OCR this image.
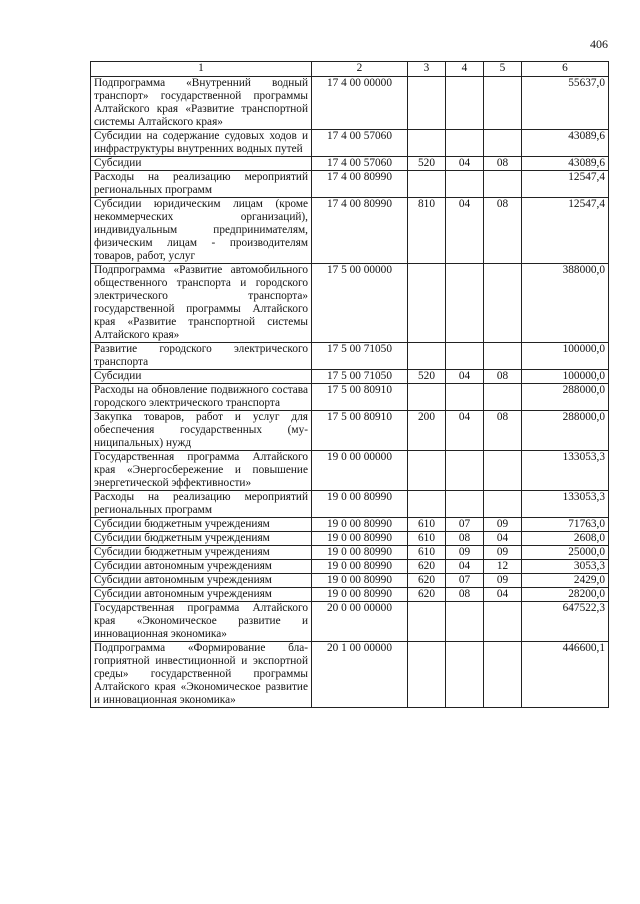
406
1	2	3	4	5	6
Подпрограмма «Внутренний водный транспорт» государственной программы Алтайского края «Развитие транспортной системы Алтайского края»	17 4 00 00000				55637,0
Субсидии на содержание судовых ходов и инфраструктуры внутренних водных путей	17 4 00 57060				43089,6
Субсидии	17 4 00 57060	520	04	08	43089,6
Расходы на реализацию мероприятий региональных программ	17 4 00 80990				12547,4
Субсидии юридическим лицам (кроме некоммерческих организаций), индивидуальным предпринимателям, физическим лицам - производителям товаров, работ, услуг	17 4 00 80990	810	04	08	12547,4
Подпрограмма «Развитие автомобильного общественного транспорта и городского электрического транспорта» государственной программы Алтайского края «Развитие транспортной системы Алтайского края»	17 5 00 00000				388000,0
Развитие городского электрического транспорта	17 5 00 71050				100000,0
Субсидии	17 5 00 71050	520	04	08	100000,0
Расходы на обновление подвижного состава городского электрического транспорта	17 5 00 80910				288000,0
Закупка товаров, работ и услуг для обеспечения государственных (муниципальных) нужд	17 5 00 80910	200	04	08	288000,0
Государственная программа Алтайского края «Энергосбережение и повышение энергетической эффективности»	19 0 00 00000				133053,3
Расходы на реализацию мероприятий региональных программ	19 0 00 80990				133053,3
Субсидии бюджетным учреждениям	19 0 00 80990	610	07	09	71763,0
Субсидии бюджетным учреждениям	19 0 00 80990	610	08	04	2608,0
Субсидии бюджетным учреждениям	19 0 00 80990	610	09	09	25000,0
Субсидии автономным учреждениям	19 0 00 80990	620	04	12	3053,3
Субсидии автономным учреждениям	19 0 00 80990	620	07	09	2429,0
Субсидии автономным учреждениям	19 0 00 80990	620	08	04	28200,0
Государственная программа Алтайского края «Экономическое развитие и инновационная экономика»	20 0 00 00000				647522,3
Подпрограмма «Формирование благоприятной инвестиционной и экспортной среды» государственной программы Алтайского края «Экономическое развитие и инновационная экономика»	20 1 00 00000				446600,1
